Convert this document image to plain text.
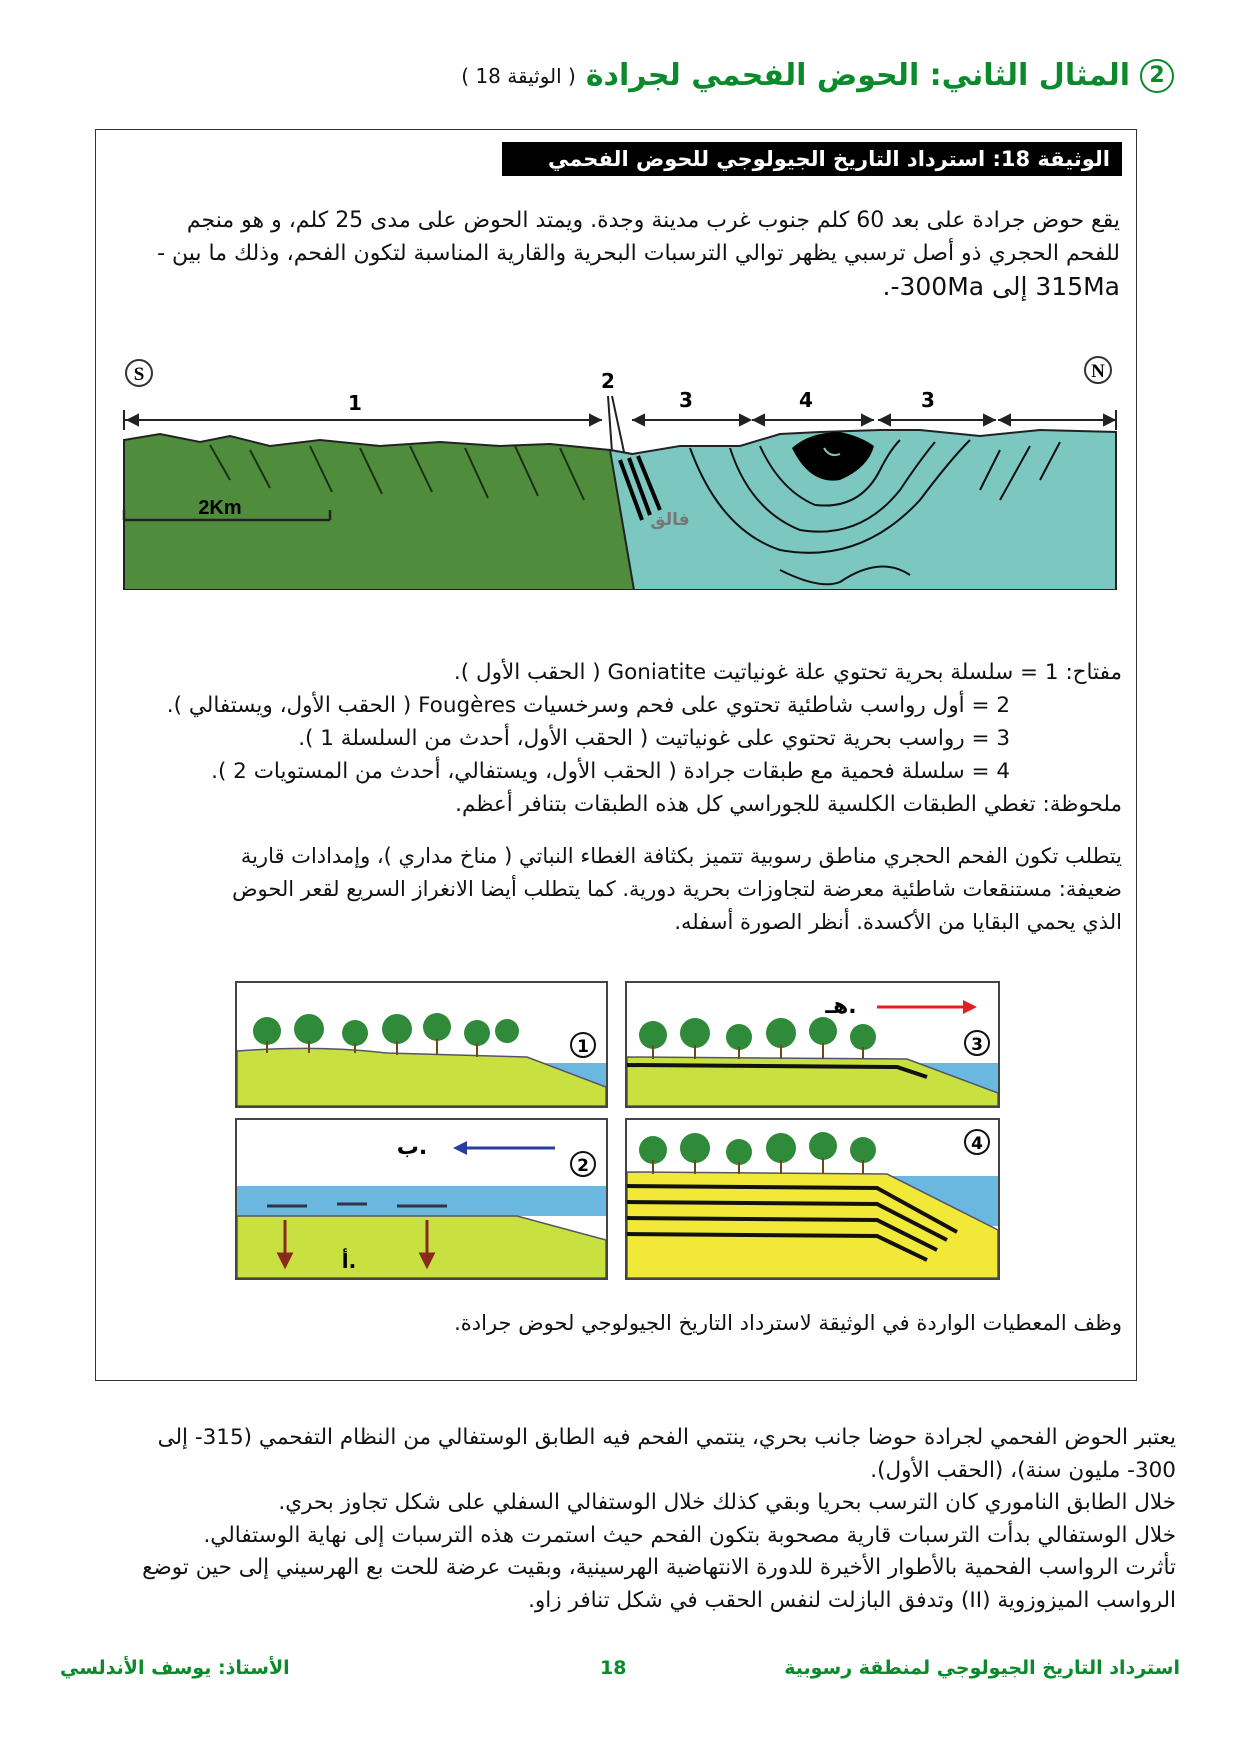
2المثال الثاني: الحوض الفحمي لجرادة( الوثيقة 18 )
الوثيقة 18: استرداد التاريخ الجيولوجي للحوض الفحمي لجرادة .
يقع حوض جرادة على بعد 60 كلم جنوب غرب مدينة وجدة. ويمتد الحوض على مدى 25 كلم، و هو منجم
للفحم الحجري ذو أصل ترسبي يظهر توالي الترسبات البحرية والقارية المناسبة لتكون الفحم، وذلك ما بين -
315Ma إلى 300Ma-.
S	N
1
2
3	4	3
2Km
فالق
مفتاح: 1 = سلسلة بحرية تحتوي علة غونياتيت Goniatite ( الحقب الأول ).
2 = أول رواسب شاطئية تحتوي على فحم وسرخسيات Fougères ( الحقب الأول، ويستفالي ).
3 = رواسب بحرية تحتوي على غونياتيت ( الحقب الأول، أحدث من السلسلة 1 ).
4 = سلسلة فحمية مع طبقات جرادة ( الحقب الأول، ويستفالي، أحدث من المستويات 2 ).
ملحوظة: تغطي الطبقات الكلسية للجوراسي كل هذه الطبقات بتنافر أعظم.
يتطلب تكون الفحم الحجري مناطق رسوبية تتميز بكثافة الغطاء النباتي ( مناخ مداري )، وإمدادات قارية
ضعيفة: مستنقعات شاطئية معرضة لتجاوزات بحرية دورية. كما يتطلب أيضا الانغراز السريع لقعر الحوض
الذي يحمي البقايا من الأكسدة. أنظر الصورة أسفله.
1
هـ.
3
أ.
ب.
2
4
وظف المعطيات الواردة في الوثيقة لاسترداد التاريخ الجيولوجي لحوض جرادة.
يعتبر الحوض الفحمي لجرادة حوضا جانب بحري، ينتمي الفحم فيه الطابق الوستفالي من النظام التفحمي (315- إلى
300- مليون سنة)، (الحقب الأول).
خلال الطابق الناموري كان الترسب بحريا وبقي كذلك خلال الوستفالي السفلي على شكل تجاوز بحري.
خلال الوستفالي بدأت الترسبات قارية مصحوبة بتكون الفحم حيث استمرت هذه الترسبات إلى نهاية الوستفالي.
تأثرت الرواسب الفحمية بالأطوار الأخيرة للدورة الانتهاضية الهرسينية، وبقيت عرضة للحت بع الهرسيني إلى حين توضع
الرواسب الميزوزوية (II) وتدفق البازلت لنفس الحقب في شكل تنافر زاو.
الأستاذ: يوسف الأندلسي	18	استرداد التاريخ الجيولوجي لمنطقة رسوبية
